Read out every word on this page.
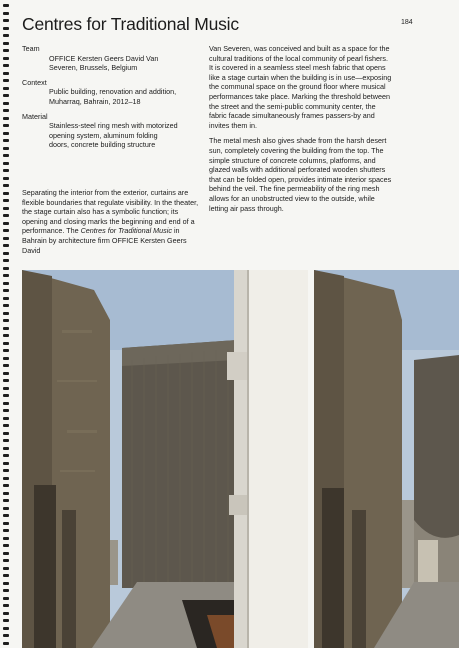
Centres for Traditional Music	184
Team
OFFICE Kersten Geers David Van
Severen, Brussels, Belgium
Context
Public building, renovation and addition,
Muharraq, Bahrain, 2012–18
Material
Stainless-steel ring mesh with motorized
opening system, aluminum folding
doors, concrete building structure

Separating the interior from the exterior, curtains are flexible boundaries that regulate visibility. In the theater, the stage curtain also has a symbolic function; its opening and closing marks the beginning and end of a performance. The Centres for Traditional Music in Bahrain by architecture firm OFFICE Kersten Geers David

Van Severen, was conceived and built as a space for the cultural traditions of the local community of pearl fishers. It is covered in a seamless steel mesh fabric that opens like a stage curtain when the building is in use—exposing the communal space on the ground floor where musical performances take place. Marking the threshold between the street and the semi-public community center, the fabric facade simultaneously frames passers-by and invites them in.

The metal mesh also gives shade from the harsh desert sun, completely covering the building from the top. The simple structure of concrete columns, platforms, and glazed walls with additional perforated wooden shutters that can be folded open, provides intimate interior spaces behind the veil. The fine permeability of the ring mesh allows for an unobstructed view to the outside, while letting air pass through.
